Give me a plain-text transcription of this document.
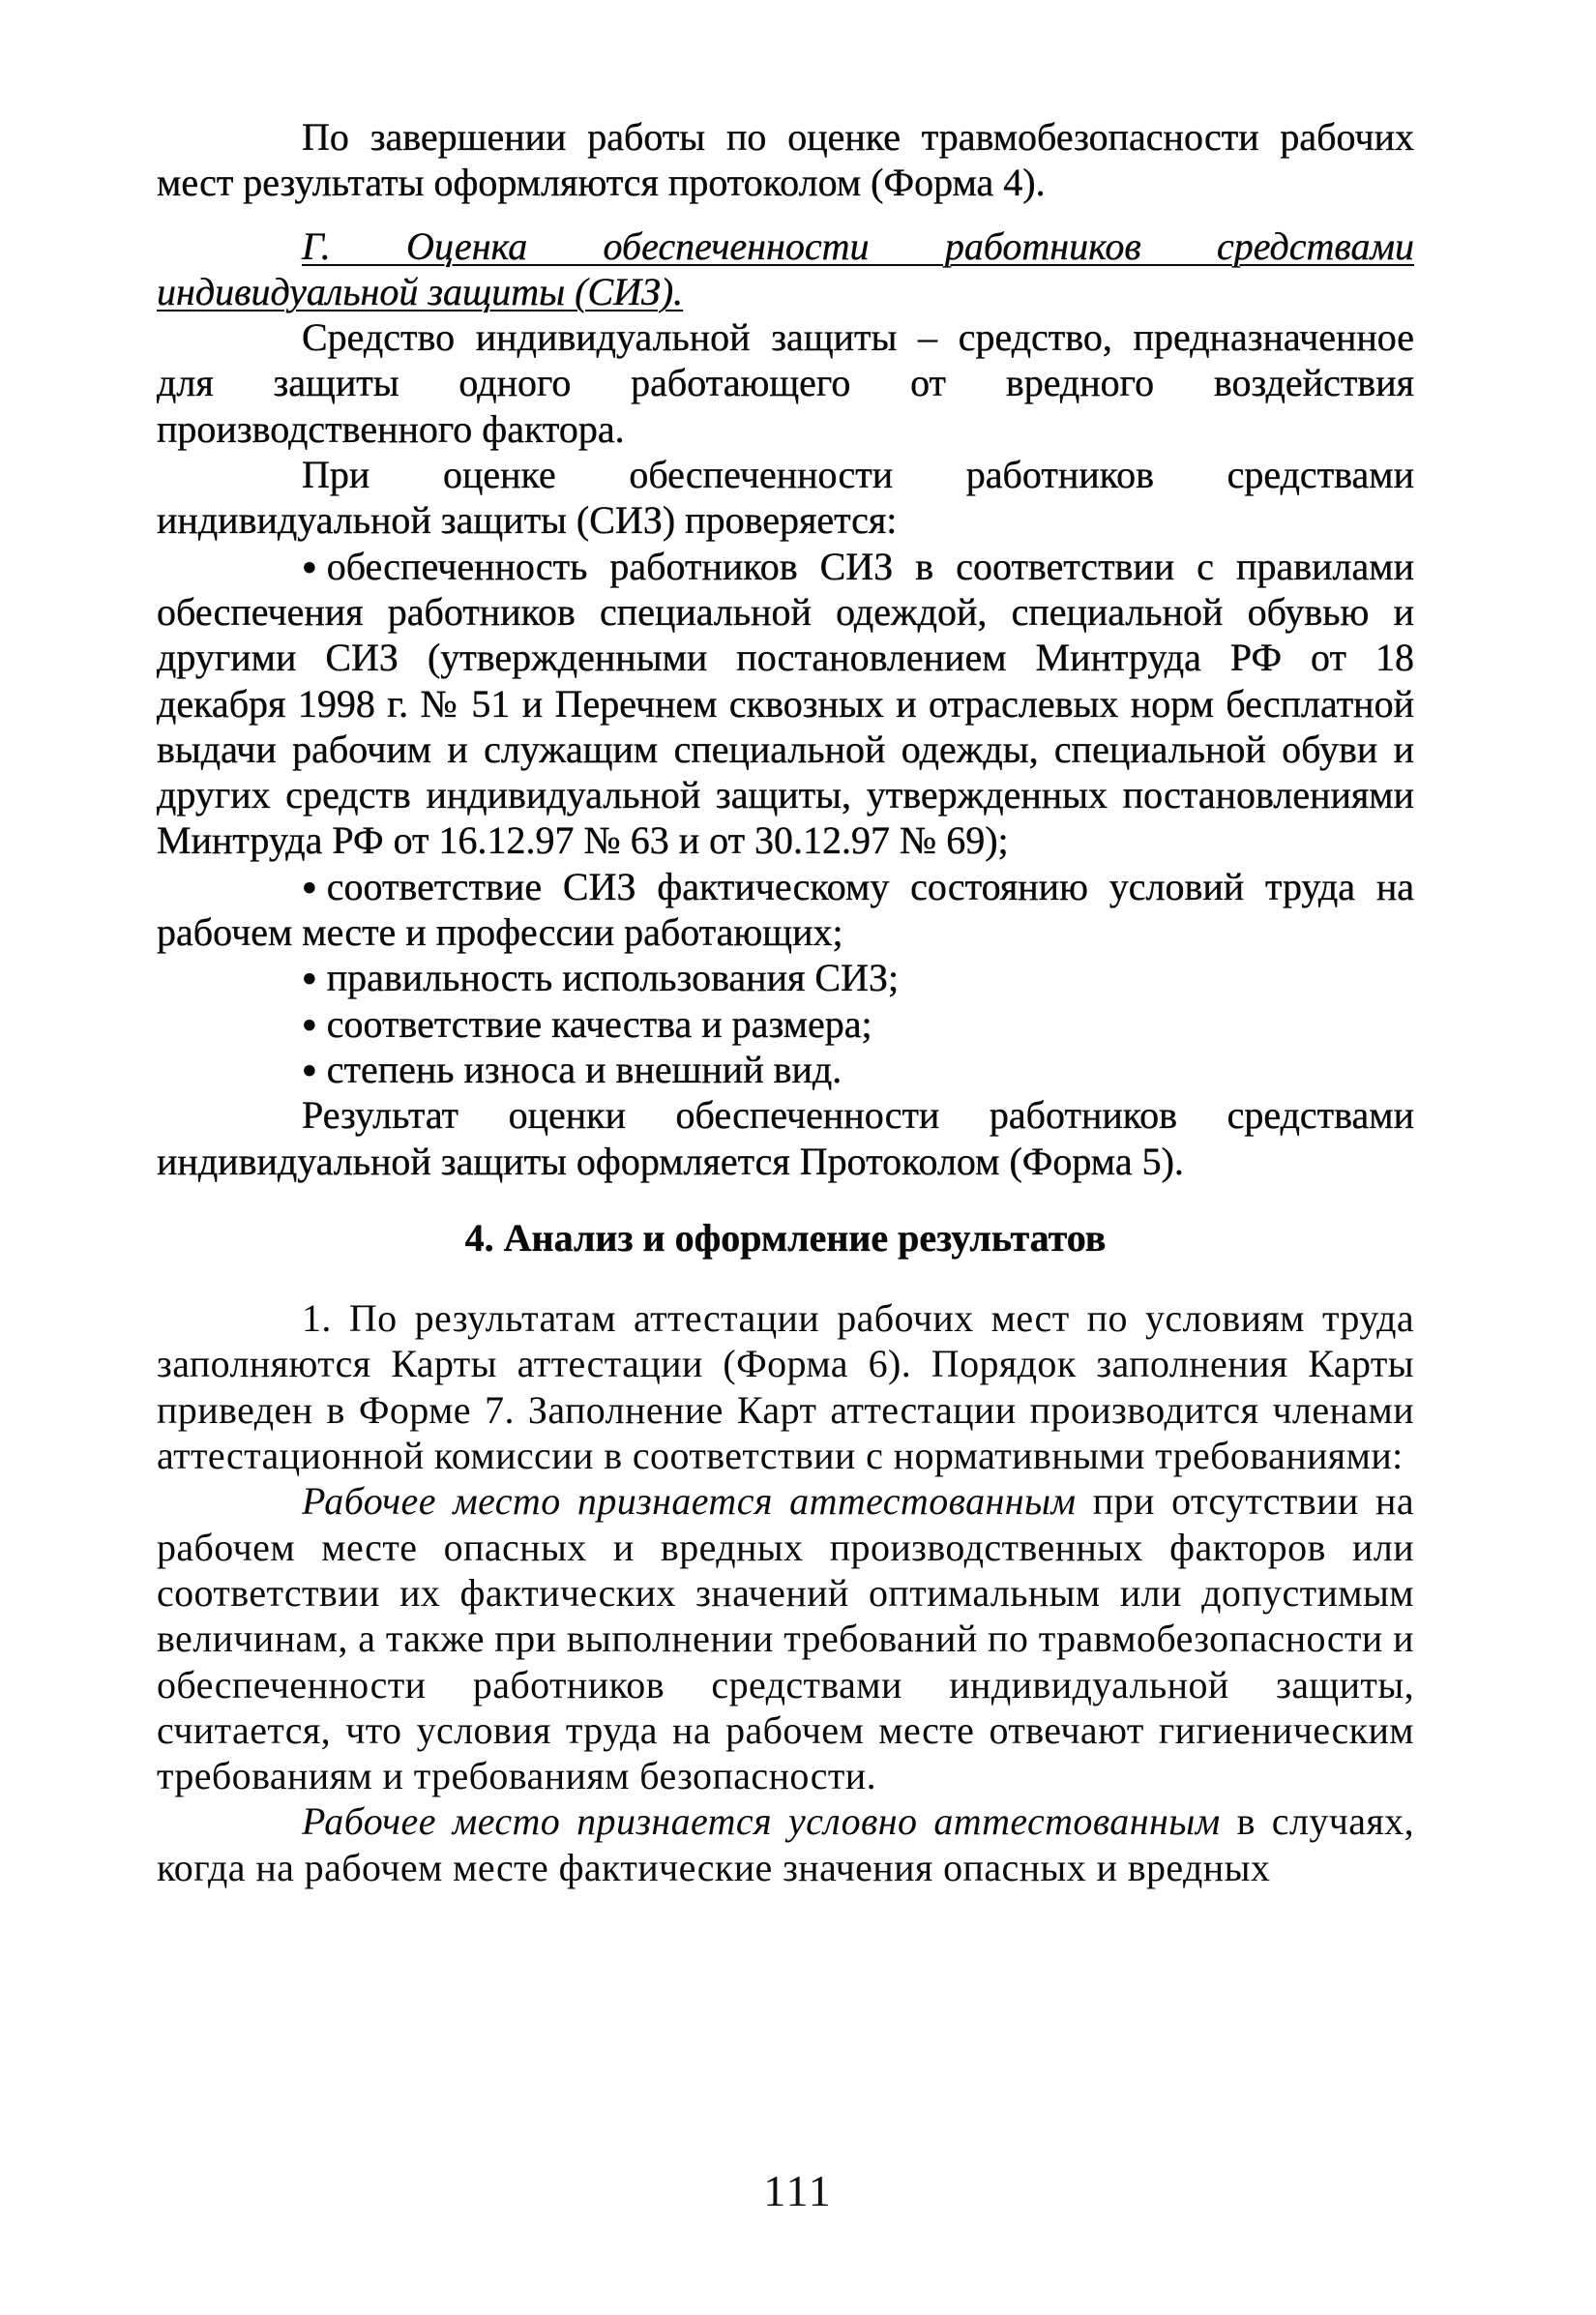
По завершении работы по оценке травмобезопасности рабочих мест результаты оформляются протоколом (Форма 4).

Г. Оценка обеспеченности работников средствами индивидуальной защиты (СИЗ).

Средство индивидуальной защиты – средство, предназначенное для защиты одного работающего от вредного воздействия производственного фактора.

При оценке обеспеченности работников средствами индивидуальной защиты (СИЗ) проверяется:

● обеспеченность работников СИЗ в соответствии с правилами обеспечения работников специальной одеждой, специальной обувью и другими СИЗ (утвержденными постановлением Минтруда РФ от 18 декабря 1998 г. № 51 и Перечнем сквозных и отраслевых норм бесплатной выдачи рабочим и служащим специальной одежды, специальной обуви и других средств индивидуальной защиты, утвержденных постановлениями Минтруда РФ от 16.12.97 № 63 и от 30.12.97 № 69);

● соответствие СИЗ фактическому состоянию условий труда на рабочем месте и профессии работающих;

● правильность использования СИЗ;

● соответствие качества и размера;

● степень износа и внешний вид.

Результат оценки обеспеченности работников средствами индивидуальной защиты оформляется Протоколом (Форма 5).

4. Анализ и оформление результатов

1. По результатам аттестации рабочих мест по условиям труда заполняются Карты аттестации (Форма 6). Порядок заполнения Карты приведен в Форме 7. Заполнение Карт аттестации производится членами аттестационной комиссии в соответствии с нормативными требованиями:

Рабочее место признается аттестованным при отсутствии на рабочем месте опасных и вредных производственных факторов или соответствии их фактических значений оптимальным или допустимым величинам, а также при выполнении требований по травмобезопасности и обеспеченности работников средствами индивидуальной защиты, считается, что условия труда на рабочем месте отвечают гигиеническим требованиям и требованиям безопасности.

Рабочее место признается условно аттестованным в случаях, когда на рабочем месте фактические значения опасных и вредных

111
